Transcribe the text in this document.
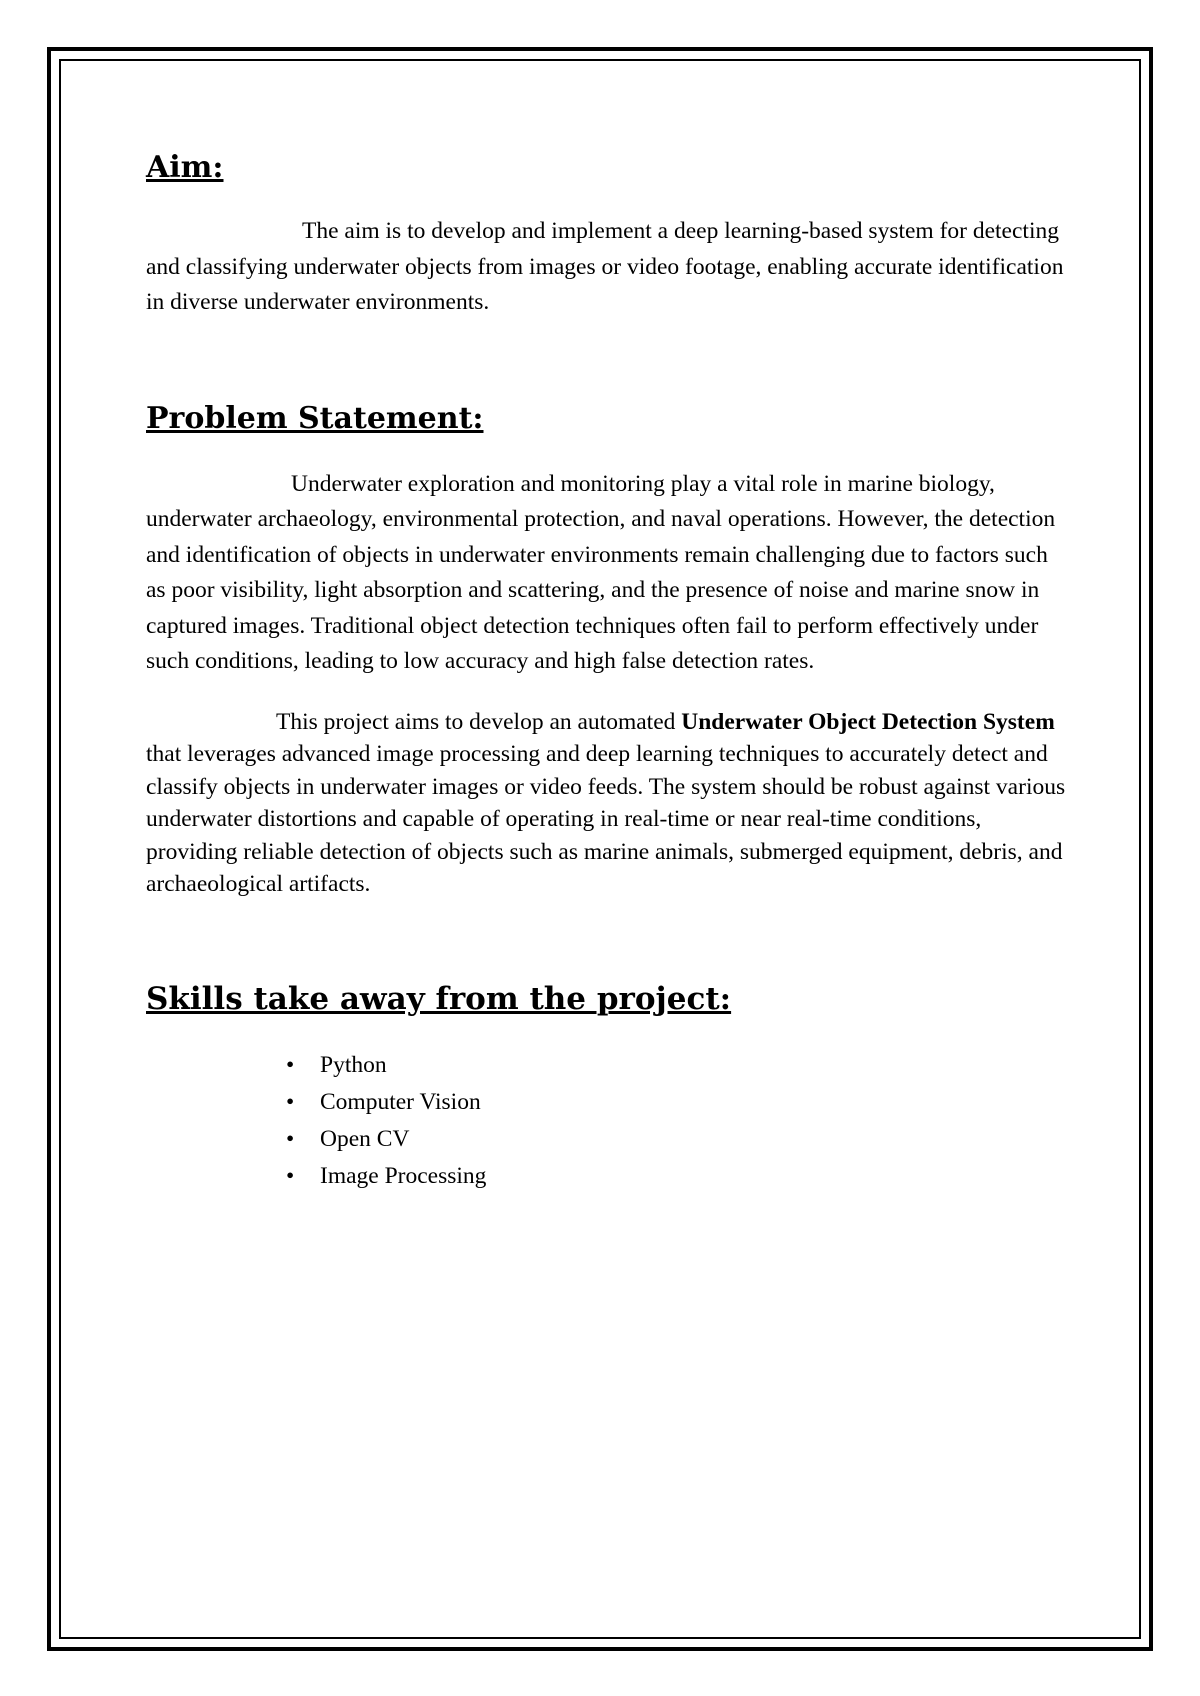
Aim:

The aim is to develop and implement a deep learning-based system for detecting and classifying underwater objects from images or video footage, enabling accurate identification in diverse underwater environments.

Problem Statement:

Underwater exploration and monitoring play a vital role in marine biology, underwater archaeology, environmental protection, and naval operations. However, the detection and identification of objects in underwater environments remain challenging due to factors such as poor visibility, light absorption and scattering, and the presence of noise and marine snow in captured images. Traditional object detection techniques often fail to perform effectively under such conditions, leading to low accuracy and high false detection rates.

This project aims to develop an automated Underwater Object Detection System that leverages advanced image processing and deep learning techniques to accurately detect and classify objects in underwater images or video feeds. The system should be robust against various underwater distortions and capable of operating in real-time or near real-time conditions, providing reliable detection of objects such as marine animals, submerged equipment, debris, and archaeological artifacts.

Skills take away from the project:
•	Python
•	Computer Vision
•	Open CV
•	Image Processing
